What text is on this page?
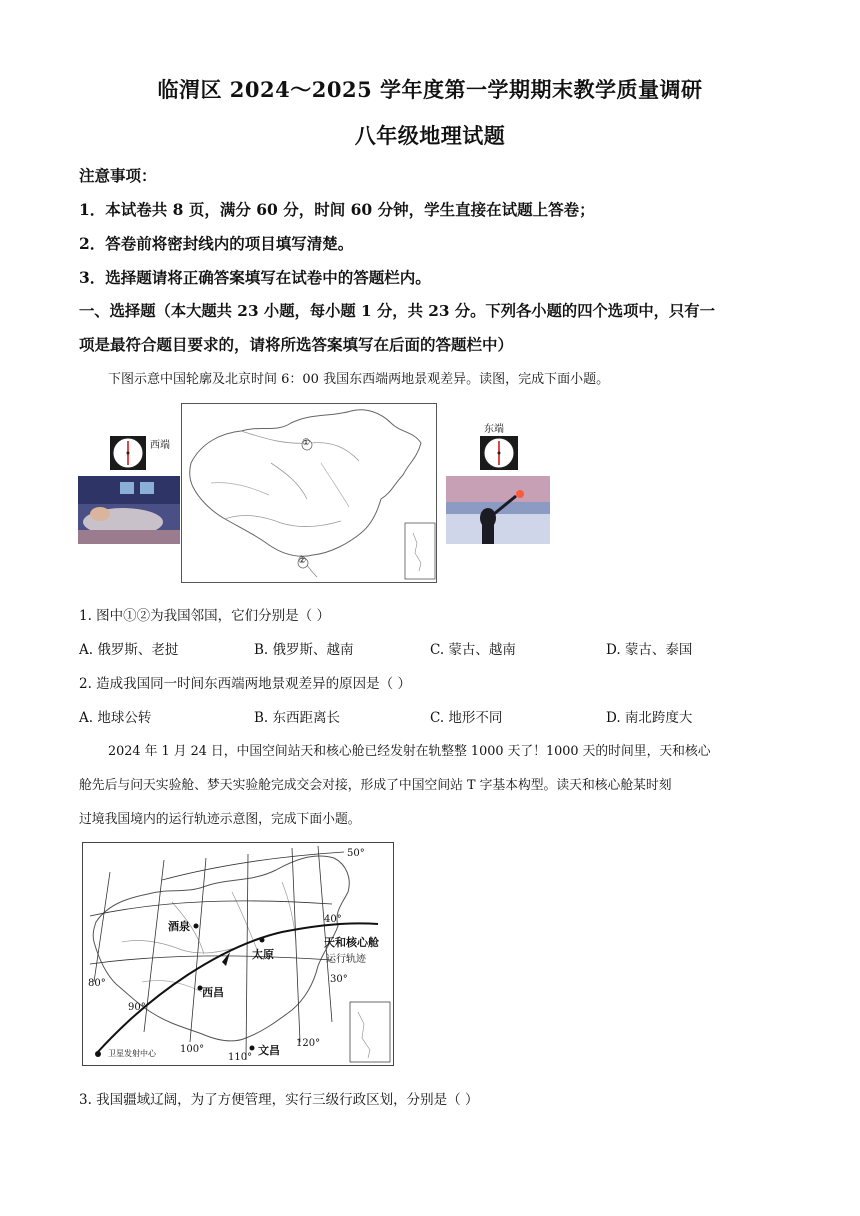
临渭区 2024～2025 学年度第一学期期末教学质量调研
八年级地理试题
注意事项：
1．本试卷共 8 页，满分 60 分，时间 60 分钟，学生直接在试题上答卷；
2．答卷前将密封线内的项目填写清楚。
3．选择题请将正确答案填写在试卷中的答题栏内。
一、选择题（本大题共 23 小题，每小题 1 分，共 23 分。下列各小题的四个选项中，只有一
项是最符合题目要求的，请将所选答案填写在后面的答题栏中）
下图示意中国轮廓及北京时间 6：00 我国东西端两地景观差异。读图，完成下面小题。
西端	①
②
东端
1. 图中①②为我国邻国，它们分别是（ ）
A. 俄罗斯、老挝	B. 俄罗斯、越南	C. 蒙古、越南	D. 蒙古、泰国
2. 造成我国同一时间东西端两地景观差异的原因是（ ）
A. 地球公转	B. 东西距离长	C. 地形不同	D. 南北跨度大
2024 年 1 月 24 日，中国空间站天和核心舱已经发射在轨整整 1000 天了！1000 天的时间里，天和核心
舱先后与问天实验舱、梦天实验舱完成交会对接，形成了中国空间站 T 字基本构型。读天和核心舱某时刻
过境我国境内的运行轨迹示意图，完成下面小题。
50°
40°
30°
80°
90°
100°
110°
120°
酒泉
太原
西昌
文昌
天和核心舱
运行轨迹
卫星发射中心
3. 我国疆域辽阔，为了方便管理，实行三级行政区划，分别是（ ）
